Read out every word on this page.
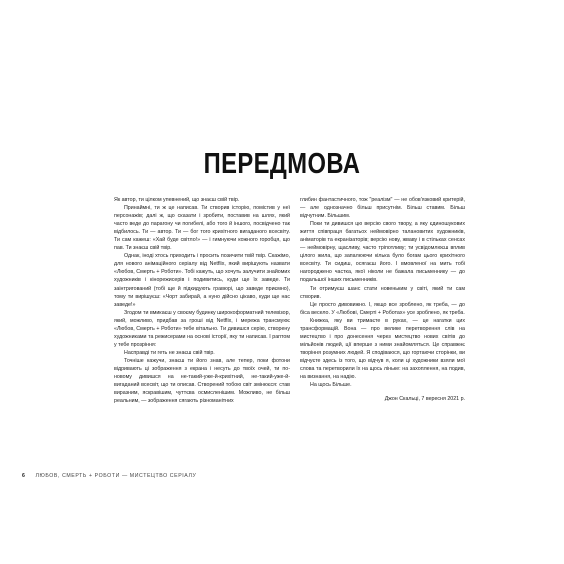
ПЕРЕДМОВА

Як автор, ти цілком упевнений, що знаєш свій твір.

Принаймні, ти ж це написав. Ти створив історію, помістив у неї персонажів; далі ж, що сказати і зробити, поставив на шлях, який часто веде до парагону чи погибелі, або того й іншого, посвідчено так відбилось. Ти — автор. Ти — бог того крихітного вигаданого всесвіту. Ти сам кажеш: «Хай буде світло!» — і гимнуючи кожного горобця, що пав. Ти знаєш свій твір.

Однак, іноді хтось приходить і просить позичити твій твір. Скажімо, для нового анімаційного серіалу від Netflix, який вирішують назвати «Любов, Смерть + Роботи». Тобі кажуть, що хочуть залучити знайомих художників і кінорежисерів і подивитись, куди ще їх заведе. Ти заінтригований (тобі ще й підкидують гравюрі, що заведе приємно), тому ти вирішуєш: «Чорт забирай, а нуно дійсно цікаво, куди ще нас заведе!»

Згодом ти вмикаєш у своєму будинку широкоформатний телевізор, який, можливо, придбав за гроші від Netflix, і мережа трансмуює «Любов, Смерть + Роботи» тебе вітально. Ти дивишся серію, створену художниками та режисерами на основі історії, яку ти написав. І раптом у тебе прозріння:

Насправді ти геть не знаєш свій твір.

Точніше кажучи, знаєш ти його знав, але тепер, поки фотони відривають ці зображення з екрана і несуть до твоїх очей, ти по-новому дивишся на не-такий-уже-й-крихітний, не-такий-уже-й-вигаданий всесвіт, що ти описав. Створений тобою світ змінюєся: став виразним, яскравішим, чуттєва осмисленішим. Можливо, не більш реальним, — зображення сягають різноманітних

глибин фантастичного, тож "реалізм" — не обов'язковий критерій, — але однозначно більш присутнім. Більш ставим. Більш відчутним. Більшим.

Поки ти дивишся цю версію свого твору, а яку єдиношукових життя співпраця багатьох неймовірно талановитих художників, аніматорів та екранізаторів; версію нову, жваву і в стільках сенсах — неймовірну, щасливу, часто тріпотливу; ти усвідомлюєш вплив цілого жила, що запалюючи кілька було богам цього крихітного всесвіту. Ти сидиш, осягаєш його. І вмовленої на мить тобі нагороджено частка, якої ніколи не бажала письменнику — до подальшої інших письменників.

Ти отримуєш шанс стати новеньким у світі, який ти сам створив.

Це просто дивовижно. І, якщо все зроблено, як треба, — до біса весело. У «Любові, Смерті + Роботах» усе зроблено, як треба.

Книжка, яку ви тримаєте в руках, — це нагатки цих трансформацій. Вона — про велике перетворення слів на мистецтво і про донесення через мистецтво нових світів до мільйонів людей, ції вперше з ними знайомляться. Це справжнє творіння розумних людей. Я сподіваюся, що гортаючи сторінки, ви відчуєте здесь із того, що відчув я, коли ці художники взяли мої слова та перетворили їх на щось ліньке: на захоплення, на подив, на визнання, на надію.

На щось Більше.

Джон Скальці, 7 вересня 2021 р.

6 ЛЮБОВ, СМЕРТЬ + РОБОТИ — МИСТЕЦТВО СЕРІАЛУ
